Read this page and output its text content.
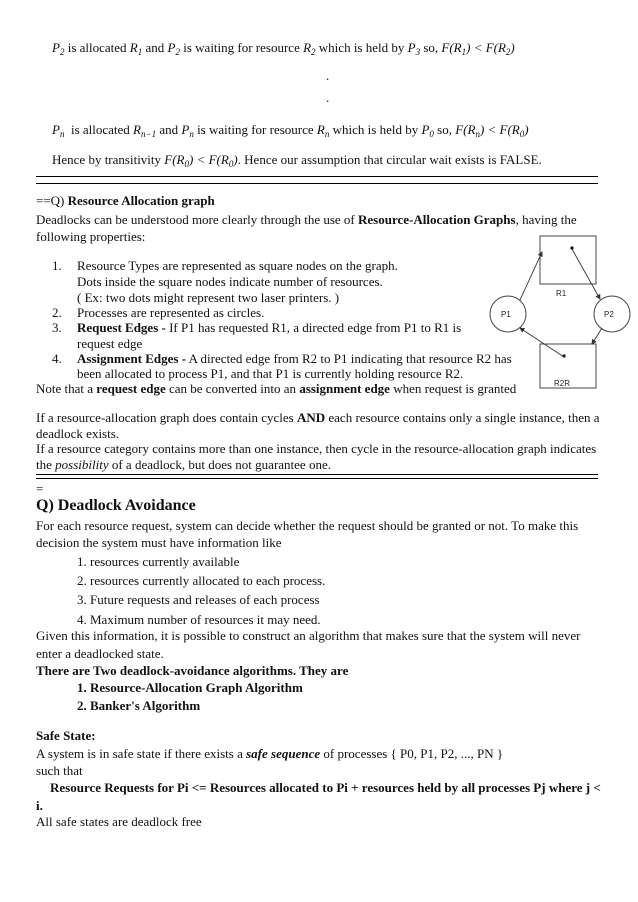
$P_2$ is allocated $R_1$ and $P_2$ is waiting for resource $R_2$ which is held by $P_3$ so, $F(R_1) < F(R_2)$
.
.
$P_n$ is allocated $R_{n-1}$ and $P_n$ is waiting for resource $R_n$ which is held by $P_0$ so, $F(R_n) < F(R_0)$
Hence by transitivity $F(R_0) < F(R_0)$. Hence our assumption that circular wait exists is FALSE.
==Q) Resource Allocation graph
Deadlocks can be understood more clearly through the use of Resource-Allocation Graphs, having the
following properties:
1. Resource Types are represented as square nodes on the graph.
Dots inside the square nodes indicate number of resources.
( Ex: two dots might represent two laser printers. )
2. Processes are represented as circles.
3. Request Edges - If P1 has requested R1, a directed edge from P1 to R1 is
request edge
4. Assignment Edges - A directed edge from R2 to P1 indicating that resource R2 has
been allocated to process P1, and that P1 is currently holding resource R2.
Note that a request edge can be converted into an assignment edge when request is granted
R1
R2R
P1	P2
If a resource-allocation graph does contain cycles AND each resource contains only a single instance, then a
deadlock exists.
If a resource category contains more than one instance, then cycle in the resource-allocation graph indicates
the possibility of a deadlock, but does not guarantee one.
=
Q) Deadlock Avoidance
For each resource request, system can decide whether the request should be granted or not. To make this
decision the system must have information like
1. resources currently available
2. resources currently allocated to each process.
3. Future requests and releases of each process
4. Maximum number of resources it may need.
Given this information, it is possible to construct an algorithm that makes sure that the system will never
enter a deadlocked state.
There are Two deadlock-avoidance algorithms. They are
1. Resource-Allocation Graph Algorithm
2. Banker's Algorithm
Safe State:
A system is in safe state if there exists a safe sequence of processes { P0, P1, P2, ..., PN }
such that
Resource Requests for Pi <= Resources allocated to Pi + resources held by all processes Pj where j <
i.
All safe states are deadlock free
